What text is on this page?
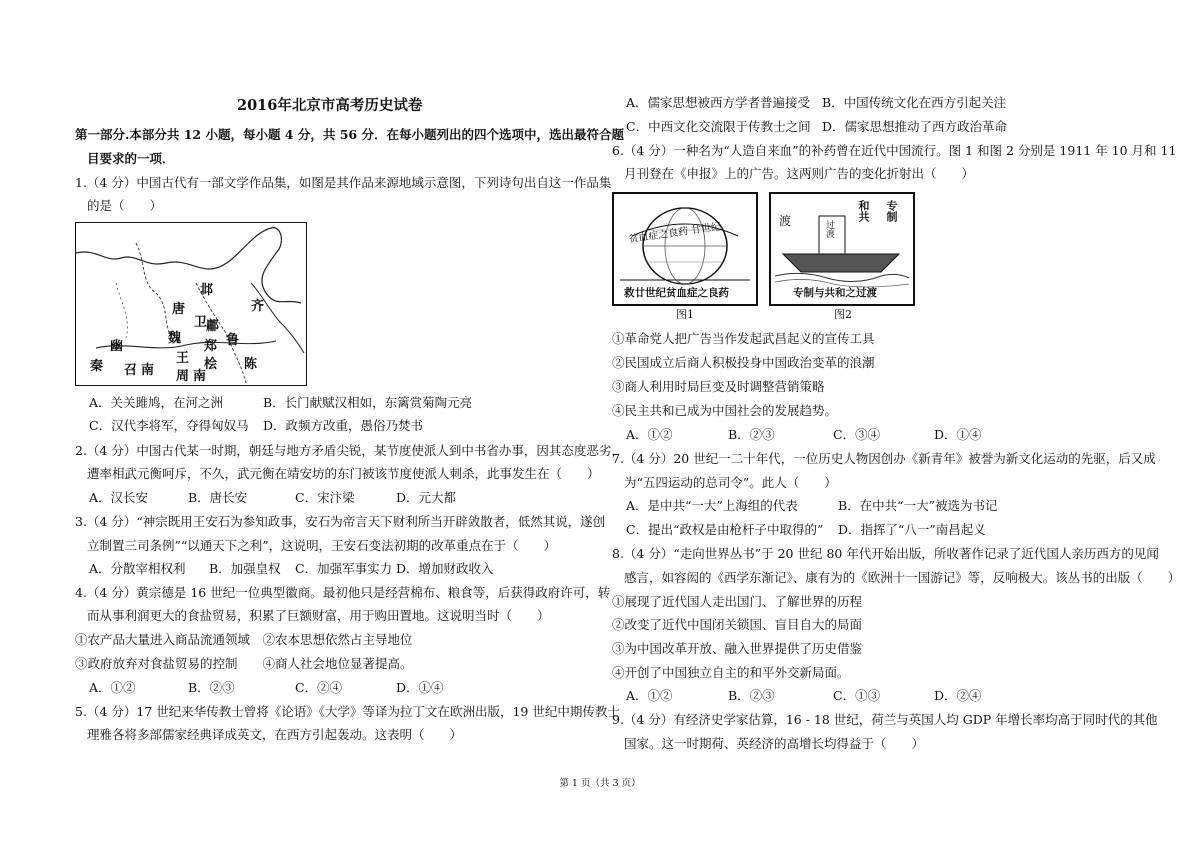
2016年北京市高考历史试卷
第一部分.本部分共 12 小题，每小题 4 分，共 56 分．在每小题列出的四个选项中，选出最符合题
目要求的一项．
1.（4 分）中国古代有一部文学作品集，如图是其作品来源地域示意图，下列诗句出自这一作品集
的是（　　）
邶
唐
卫
齐
魏
鄘
鲁
王
郑
幽
秦 召南	桧 陈
周南
A．关关雎鸠，在河之洲	B．长门献赋汉相如，东篱赏菊陶元亮
C．汉代李将军，夺得匈奴马 D．政频方改重，愚俗乃焚书
2.（4 分）中国古代某一时期，朝廷与地方矛盾尖锐，某节度使派人到中书省办事，因其态度恶劣，
遭率相武元衡呵斥，不久，武元衡在靖安坊的东门被该节度使派人刺杀，此事发生在（　　）
A．汉长安	B．唐长安	C．宋汴梁	D．元大都
3.（4 分）“神宗既用王安石为参知政事，安石为帝言天下财利所当开辟敛散者，低然其说，遂创
立制置三司条例”“以通天下之利”，这说明，王安石变法初期的改革重点在于（　　）
A．分散宰相权利 B．加强皇权 C．加强军事实力 D．增加财政收入
4.（4 分）黄宗德是 16 世纪一位典型徽商。最初他只是经营棉布、粮食等，后获得政府许可，转
而从事利润更大的食盐贸易，积累了巨额财富，用于购田置地。这说明当时（　　）
①农产品大量进入商品流通领域　②农本思想依然占主导地位
③政府放弃对食盐贸易的控制　　④商人社会地位显著提高。
A．①②	B．②③	C．②④	D．①④
5.（4 分）17 世纪来华传教士曾将《论语》《大学》等译为拉丁文在欧洲出版，19 世纪中期传教士
理雅各将多部儒家经典译成英文，在西方引起轰动。这表明（　　）
A．儒家思想被西方学者普遍接受 B．中国传统文化在西方引起关注
C．中西文化交流限于传教士之间 D．儒家思想推动了西方政治革命
6.（4 分）一种名为“人造自来血”的补药曾在近代中国流行。图 1 和图 2 分别是 1911 年 10 月和 11
月刊登在《申报》上的广告。这两则广告的变化折射出（　　）
贫血症之良药 廿世纪
救廿世纪贫血症之良药
图1
渡	过渡
和共 专制
专制与共和之过渡
图2
①革命党人把广告当作发起武昌起义的宣传工具
②民国成立后商人积极投身中国政治变革的浪潮
③商人利用时局巨变及时调整营销策略
④民主共和已成为中国社会的发展趋势。
A．①②	B．②③	C．③④	D．①④
7.（4 分）20 世纪一二十年代，一位历史人物因创办《新青年》被誉为新文化运动的先驱，后又成
为“五四运动的总司令”。此人（　　）
A．是中共“一大”上海组的代表	B．在中共“一大”被选为书记
C．提出“政权是由枪杆子中取得的” D．指挥了“八一”南昌起义
8.（4 分）“走向世界丛书”于 20 世纪 80 年代开始出版，所收著作记录了近代国人亲历西方的见闻
感言，如容闳的《西学东渐记》、康有为的《欧洲十一国游记》等，反响极大。该丛书的出版（　　）
①展现了近代国人走出国门、了解世界的历程
②改变了近代中国闭关锁国、盲目自大的局面
③为中国改革开放、融入世界提供了历史借鉴
④开创了中国独立自主的和平外交新局面。
A．①②	B．②③	C．①③	D．②④
9.（4 分）有经济史学家估算，16 - 18 世纪，荷兰与英国人均 GDP 年增长率均高于同时代的其他
国家。这一时期荷、英经济的高增长均得益于（　　）
第 1 页（共 3 页）
